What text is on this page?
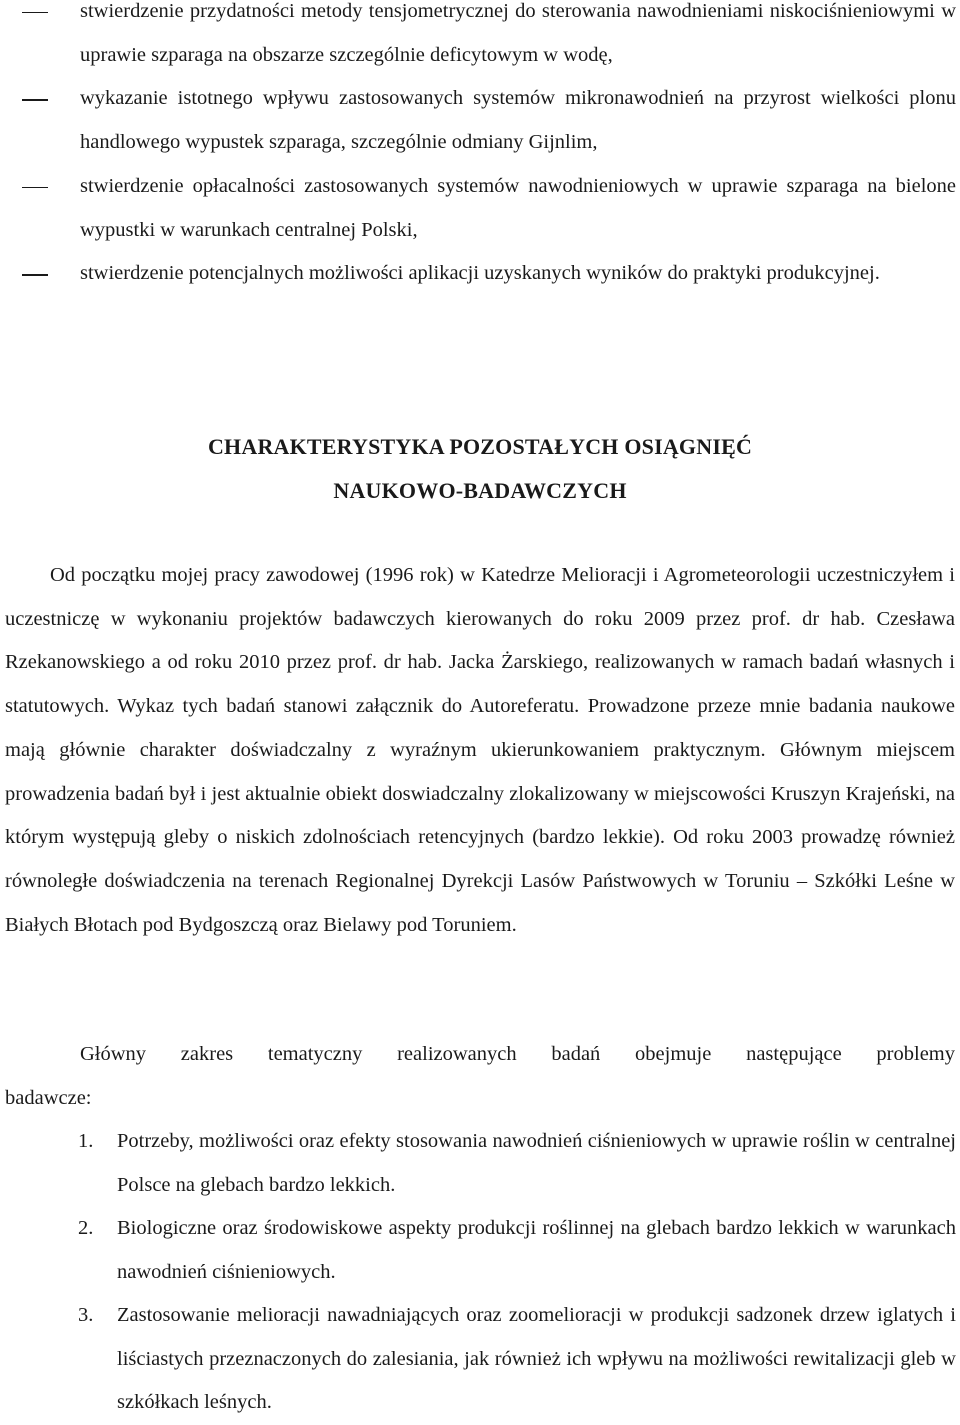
stwierdzenie przydatności metody tensjometrycznej do sterowania nawodnieniami niskociśnieniowymi w uprawie szparaga na obszarze szczególnie deficytowym w wodę,
wykazanie istotnego wpływu zastosowanych systemów mikronawodnień na przyrost wielkości plonu handlowego wypustek szparaga, szczególnie odmiany Gijnlim,
stwierdzenie opłacalności zastosowanych systemów nawodnieniowych w uprawie szparaga na bielone wypustki w warunkach centralnej Polski,
stwierdzenie potencjalnych możliwości aplikacji uzyskanych wyników do praktyki produkcyjnej.
CHARAKTERYSTYKA POZOSTAŁYCH OSIĄGNIĘĆ
NAUKOWO-BADAWCZYCH
Od początku mojej pracy zawodowej (1996 rok) w Katedrze Melioracji i Agrometeorologii uczestniczyłem i uczestniczę w wykonaniu projektów badawczych kierowanych do roku 2009 przez prof. dr hab. Czesława Rzekanowskiego a od roku 2010 przez prof. dr hab. Jacka Żarskiego, realizowanych w ramach badań własnych i statutowych. Wykaz tych badań stanowi załącznik do Autoreferatu. Prowadzone przeze mnie badania naukowe mają głównie charakter doświadczalny z wyraźnym ukierunkowaniem praktycznym. Głównym miejscem prowadzenia badań był i jest aktualnie obiekt doswiadczalny zlokalizowany w miejscowości Kruszyn Krajeński, na którym występują gleby o niskich zdolnościach retencyjnych (bardzo lekkie). Od roku 2003 prowadzę również równoległe doświadczenia na terenach Regionalnej Dyrekcji Lasów Państwowych w Toruniu – Szkółki Leśne w Białych Błotach pod Bydgoszczą oraz Bielawy pod Toruniem.
Główny zakres tematyczny realizowanych badań obejmuje następujące problemy
badawcze:
1. Potrzeby, możliwości oraz efekty stosowania nawodnień ciśnieniowych w uprawie roślin w centralnej Polsce na glebach bardzo lekkich.
2. Biologiczne oraz środowiskowe aspekty produkcji roślinnej na glebach bardzo lekkich w warunkach nawodnień ciśnieniowych.
3. Zastosowanie melioracji nawadniających oraz zoomelioracji w produkcji sadzonek drzew iglatych i liściastych przeznaczonych do zalesiania, jak również ich wpływu na możliwości rewitalizacji gleb w szkółkach leśnych.
